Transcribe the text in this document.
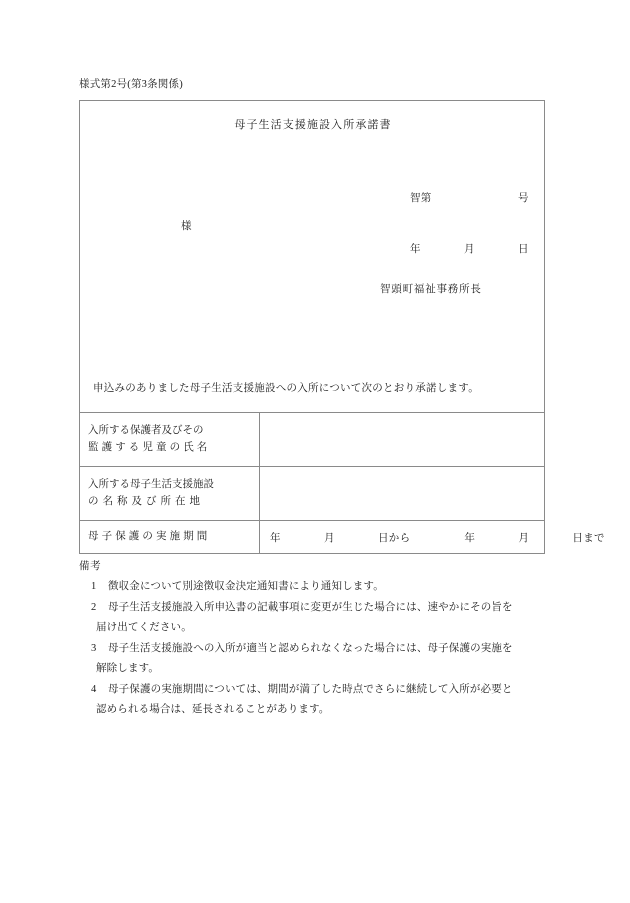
様式第2号(第3条関係)
母子生活支援施設入所承諾書

智第　　　　　　　　号

年　　　　月　　　　日

様
智頭町福祉事務所長
申込みのありました母子生活支援施設への入所について次のとおり承諾します。
入所する保護者及びその
監護する児童の氏名	

入所する母子生活支援施設
の名称及び所在地	

母子保護の実施期間	年　　　　月　　　　日から　　　　　年　　　　月　　　　日まで
備考
1 徴収金について別途徴収金決定通知書により通知します。
2 母子生活支援施設入所申込書の記載事項に変更が生じた場合には、速やかにその旨を
届け出てください。
3 母子生活支援施設への入所が適当と認められなくなった場合には、母子保護の実施を
解除します。
4 母子保護の実施期間については、期間が満了した時点でさらに継続して入所が必要と
認められる場合は、延長されることがあります。
